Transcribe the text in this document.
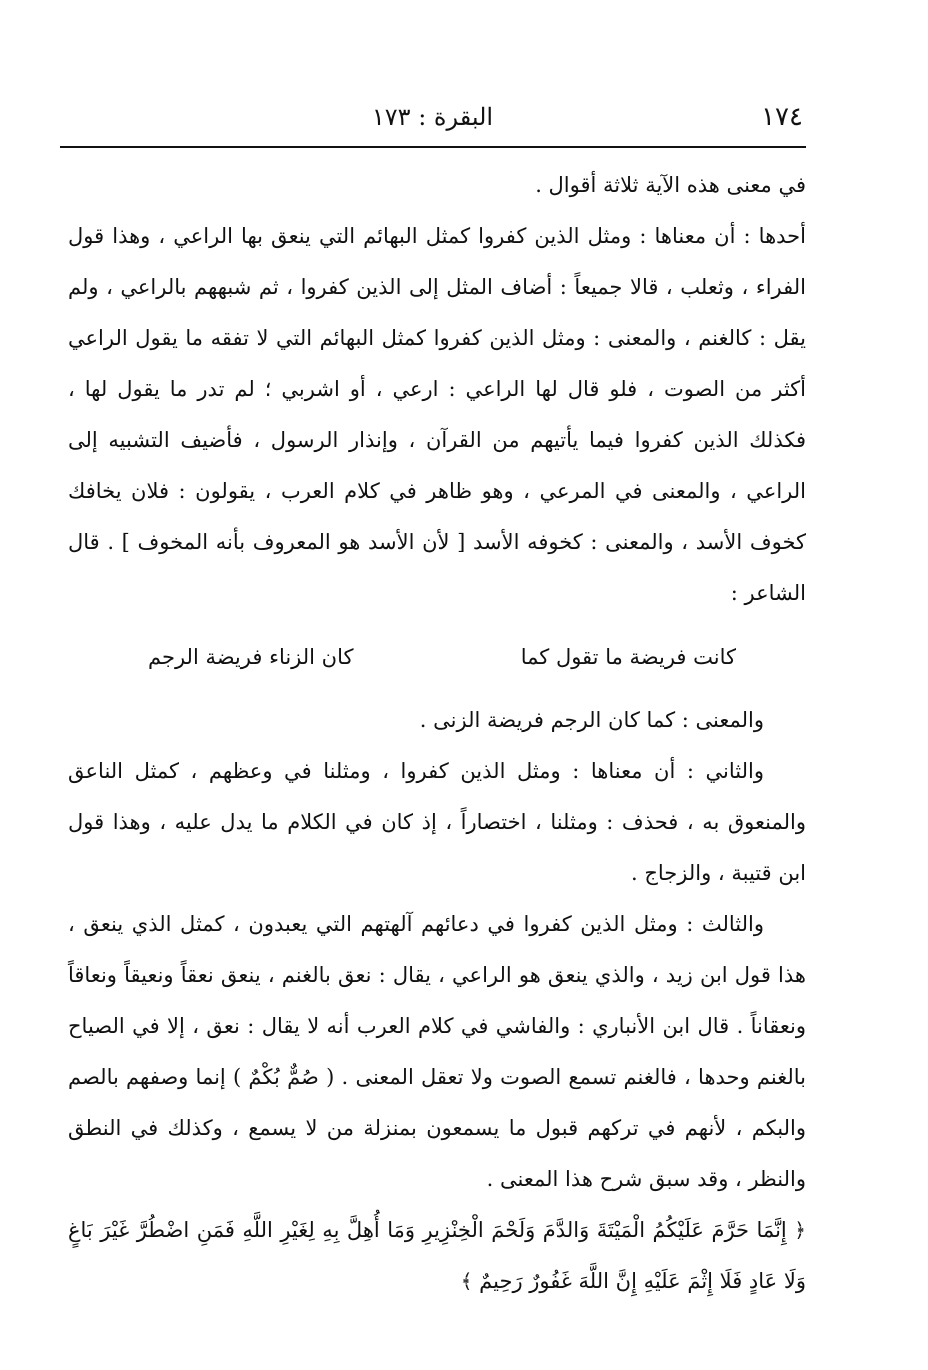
١٧٤
البقرة : ١٧٣

في معنى هذه الآية ثلاثة أقوال .

أحدها : أن معناها : ومثل الذين كفروا كمثل البهائم التي ينعق بها الراعي ، وهذا قول الفراء ، وثعلب ، قالا جميعاً : أضاف المثل إلى الذين كفروا ، ثم شبههم بالراعي ، ولم يقل : كالغنم ، والمعنى : ومثل الذين كفروا كمثل البهائم التي لا تفقه ما يقول الراعي أكثر من الصوت ، فلو قال لها الراعي : ارعي ، أو اشربي ؛ لم تدر ما يقول لها ، فكذلك الذين كفروا فيما يأتيهم من القرآن ، وإنذار الرسول ، فأضيف التشبيه إلى الراعي ، والمعنى في المرعي ، وهو ظاهر في كلام العرب ، يقولون : فلان يخافك كخوف الأسد ، والمعنى : كخوفه الأسد [ لأن الأسد هو المعروف بأنه المخوف ] . قال الشاعر :

كانت فريضة ما تقول كما
كان الزناء فريضة الرجم

والمعنى : كما كان الرجم فريضة الزنى .

والثاني : أن معناها : ومثل الذين كفروا ، ومثلنا في وعظهم ، كمثل الناعق والمنعوق به ، فحذف : ومثلنا ، اختصاراً ، إذ كان في الكلام ما يدل عليه ، وهذا قول ابن قتيبة ، والزجاج .

والثالث : ومثل الذين كفروا في دعائهم آلهتهم التي يعبدون ، كمثل الذي ينعق ، هذا قول ابن زيد ، والذي ينعق هو الراعي ، يقال : نعق بالغنم ، ينعق نعقاً ونعيقاً ونعاقاً ونعقاناً . قال ابن الأنباري : والفاشي في كلام العرب أنه لا يقال : نعق ، إلا في الصياح بالغنم وحدها ، فالغنم تسمع الصوت ولا تعقل المعنى . ( صُمٌّ بُكْمٌ ) إنما وصفهم بالصم والبكم ، لأنهم في تركهم قبول ما يسمعون بمنزلة من لا يسمع ، وكذلك في النطق والنظر ، وقد سبق شرح هذا المعنى .

﴿ إِنَّمَا حَرَّمَ عَلَيْكُمُ الْمَيْتَةَ وَالدَّمَ وَلَحْمَ الْخِنْزِيرِ وَمَا أُهِلَّ بِهِ لِغَيْرِ اللَّهِ فَمَنِ اضْطُرَّ غَيْرَ بَاغٍ وَلَا عَادٍ فَلَا إِثْمَ عَلَيْهِ إِنَّ اللَّهَ غَفُورٌ رَحِيمٌ ﴾
